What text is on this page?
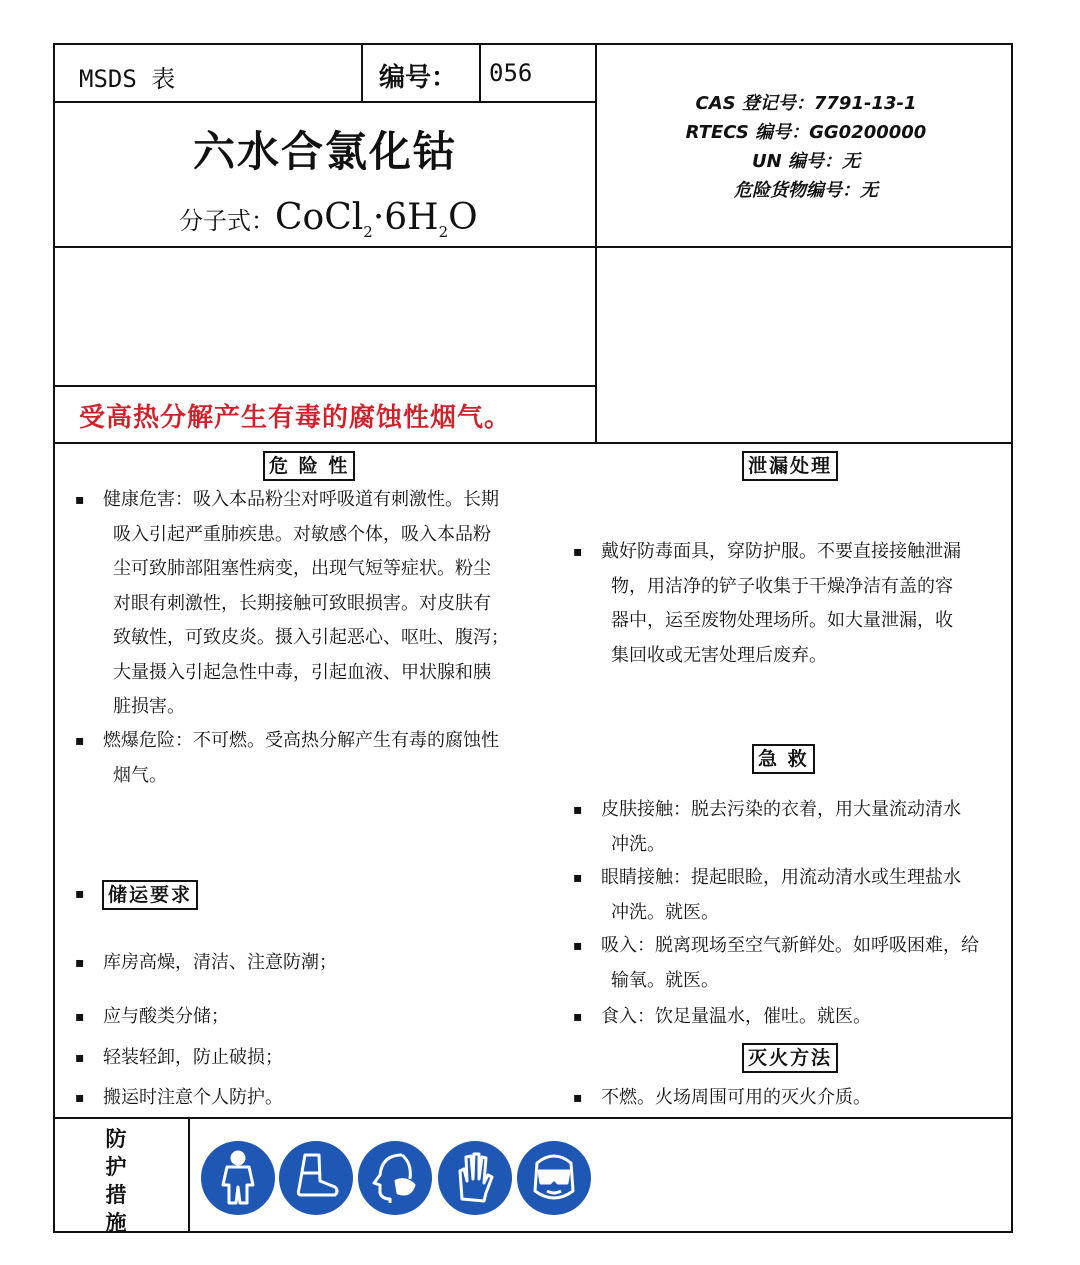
MSDS 表	编号： 056
六水合氯化钴
分子式：$CoCl_2\cdot 6H_2O$
CAS 登记号：7791-13-1
RTECS 编号：GG0200000
UN 编号：无
危险货物编号：无
受高热分解产生有毒的腐蚀性烟气。
危 险 性
▪ 健康危害：吸入本品粉尘对呼吸道有刺激性。长期
吸入引起严重肺疾患。对敏感个体，吸入本品粉
尘可致肺部阻塞性病变，出现气短等症状。粉尘
对眼有刺激性，长期接触可致眼损害。对皮肤有
致敏性，可致皮炎。摄入引起恶心、呕吐、腹泻；
大量摄入引起急性中毒，引起血液、甲状腺和胰
脏损害。
▪ 燃爆危险：不可燃。受高热分解产生有毒的腐蚀性
烟气。
▪	储运要求
▪ 库房高燥，清洁、注意防潮；
▪ 应与酸类分储；
▪ 轻装轻卸，防止破损；
▪ 搬运时注意个人防护。
泄漏处理
▪ 戴好防毒面具，穿防护服。不要直接接触泄漏
物，用洁净的铲子收集于干燥净洁有盖的容
器中，运至废物处理场所。如大量泄漏，收
集回收或无害处理后废弃。
急 救
▪ 皮肤接触：脱去污染的衣着，用大量流动清水
冲洗。
▪ 眼睛接触：提起眼睑，用流动清水或生理盐水
冲洗。就医。
▪ 吸入：脱离现场至空气新鲜处。如呼吸困难，给
输氧。就医。
▪ 食入：饮足量温水，催吐。就医。
灭火方法
▪ 不燃。火场周围可用的灭火介质。
防
护
措
施
